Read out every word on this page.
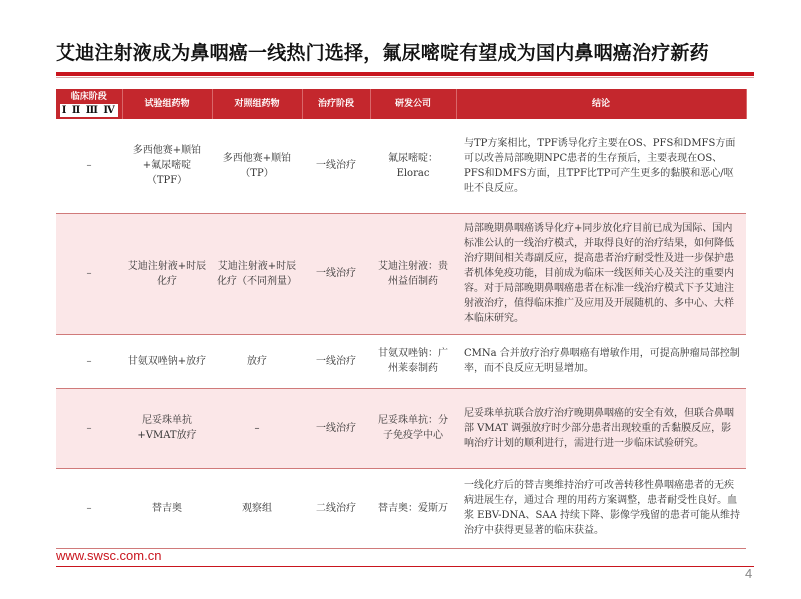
艾迪注射液成为鼻咽癌一线热门选择，氟尿嘧啶有望成为国内鼻咽癌治疗新药
临床阶段
Ⅰ Ⅱ Ⅲ Ⅳ	试验组药物	对照组药物	治疗阶段	研发公司	结论
–	多西他赛+顺铂+氟尿嘧啶（TPF）	多西他赛+顺铂（TP）	一线治疗	氟尿嘧啶：Elorac	与TP方案相比，TPF诱导化疗主要在OS、PFS和DMFS方面可以改善局部晚期NPC患者的生存预后，主要表现在OS、PFS和DMFS方面，且TPF比TP可产生更多的黏膜和恶心/呕吐不良反应。
–	艾迪注射液+时辰化疗	艾迪注射液+时辰化疗（不同剂量）	一线治疗	艾迪注射液：贵州益佰制药	局部晚期鼻咽癌诱导化疗+同步放化疗目前已成为国际、国内标准公认的一线治疗模式，并取得良好的治疗结果，如何降低治疗期间相关毒副反应，提高患者治疗耐受性及进一步保护患者机体免疫功能，目前成为临床一线医师关心及关注的重要内容。对于局部晚期鼻咽癌患者在标准一线治疗模式下予艾迪注射液治疗，值得临床推广及应用及开展随机的、多中心、大样本临床研究。
–	甘氨双唑钠+放疗	放疗	一线治疗	甘氨双唑钠：广州莱泰制药	CMNa 合并放疗治疗鼻咽癌有增敏作用，可提高肿瘤局部控制率，而不良反应无明显增加。
–	尼妥珠单抗+VMAT放疗	–	一线治疗	尼妥珠单抗：分子免疫学中心	尼妥珠单抗联合放疗治疗晚期鼻咽癌的安全有效，但联合鼻咽部 VMAT 调强放疗时少部分患者出现较重的舌黏膜反应，影响治疗计划的顺利进行，需进行进一步临床试验研究。
–	替吉奥	观察组	二线治疗	替吉奥：爱斯万	一线化疗后的替吉奥维持治疗可改善转移性鼻咽癌患者的无疾病进展生存，通过合 理的用药方案调整，患者耐受性良好。血浆 EBV-DNA、SAA 持续下降、影像学残留的患者可能从维持治疗中获得更显著的临床获益。
www.swsc.com.cn
4
